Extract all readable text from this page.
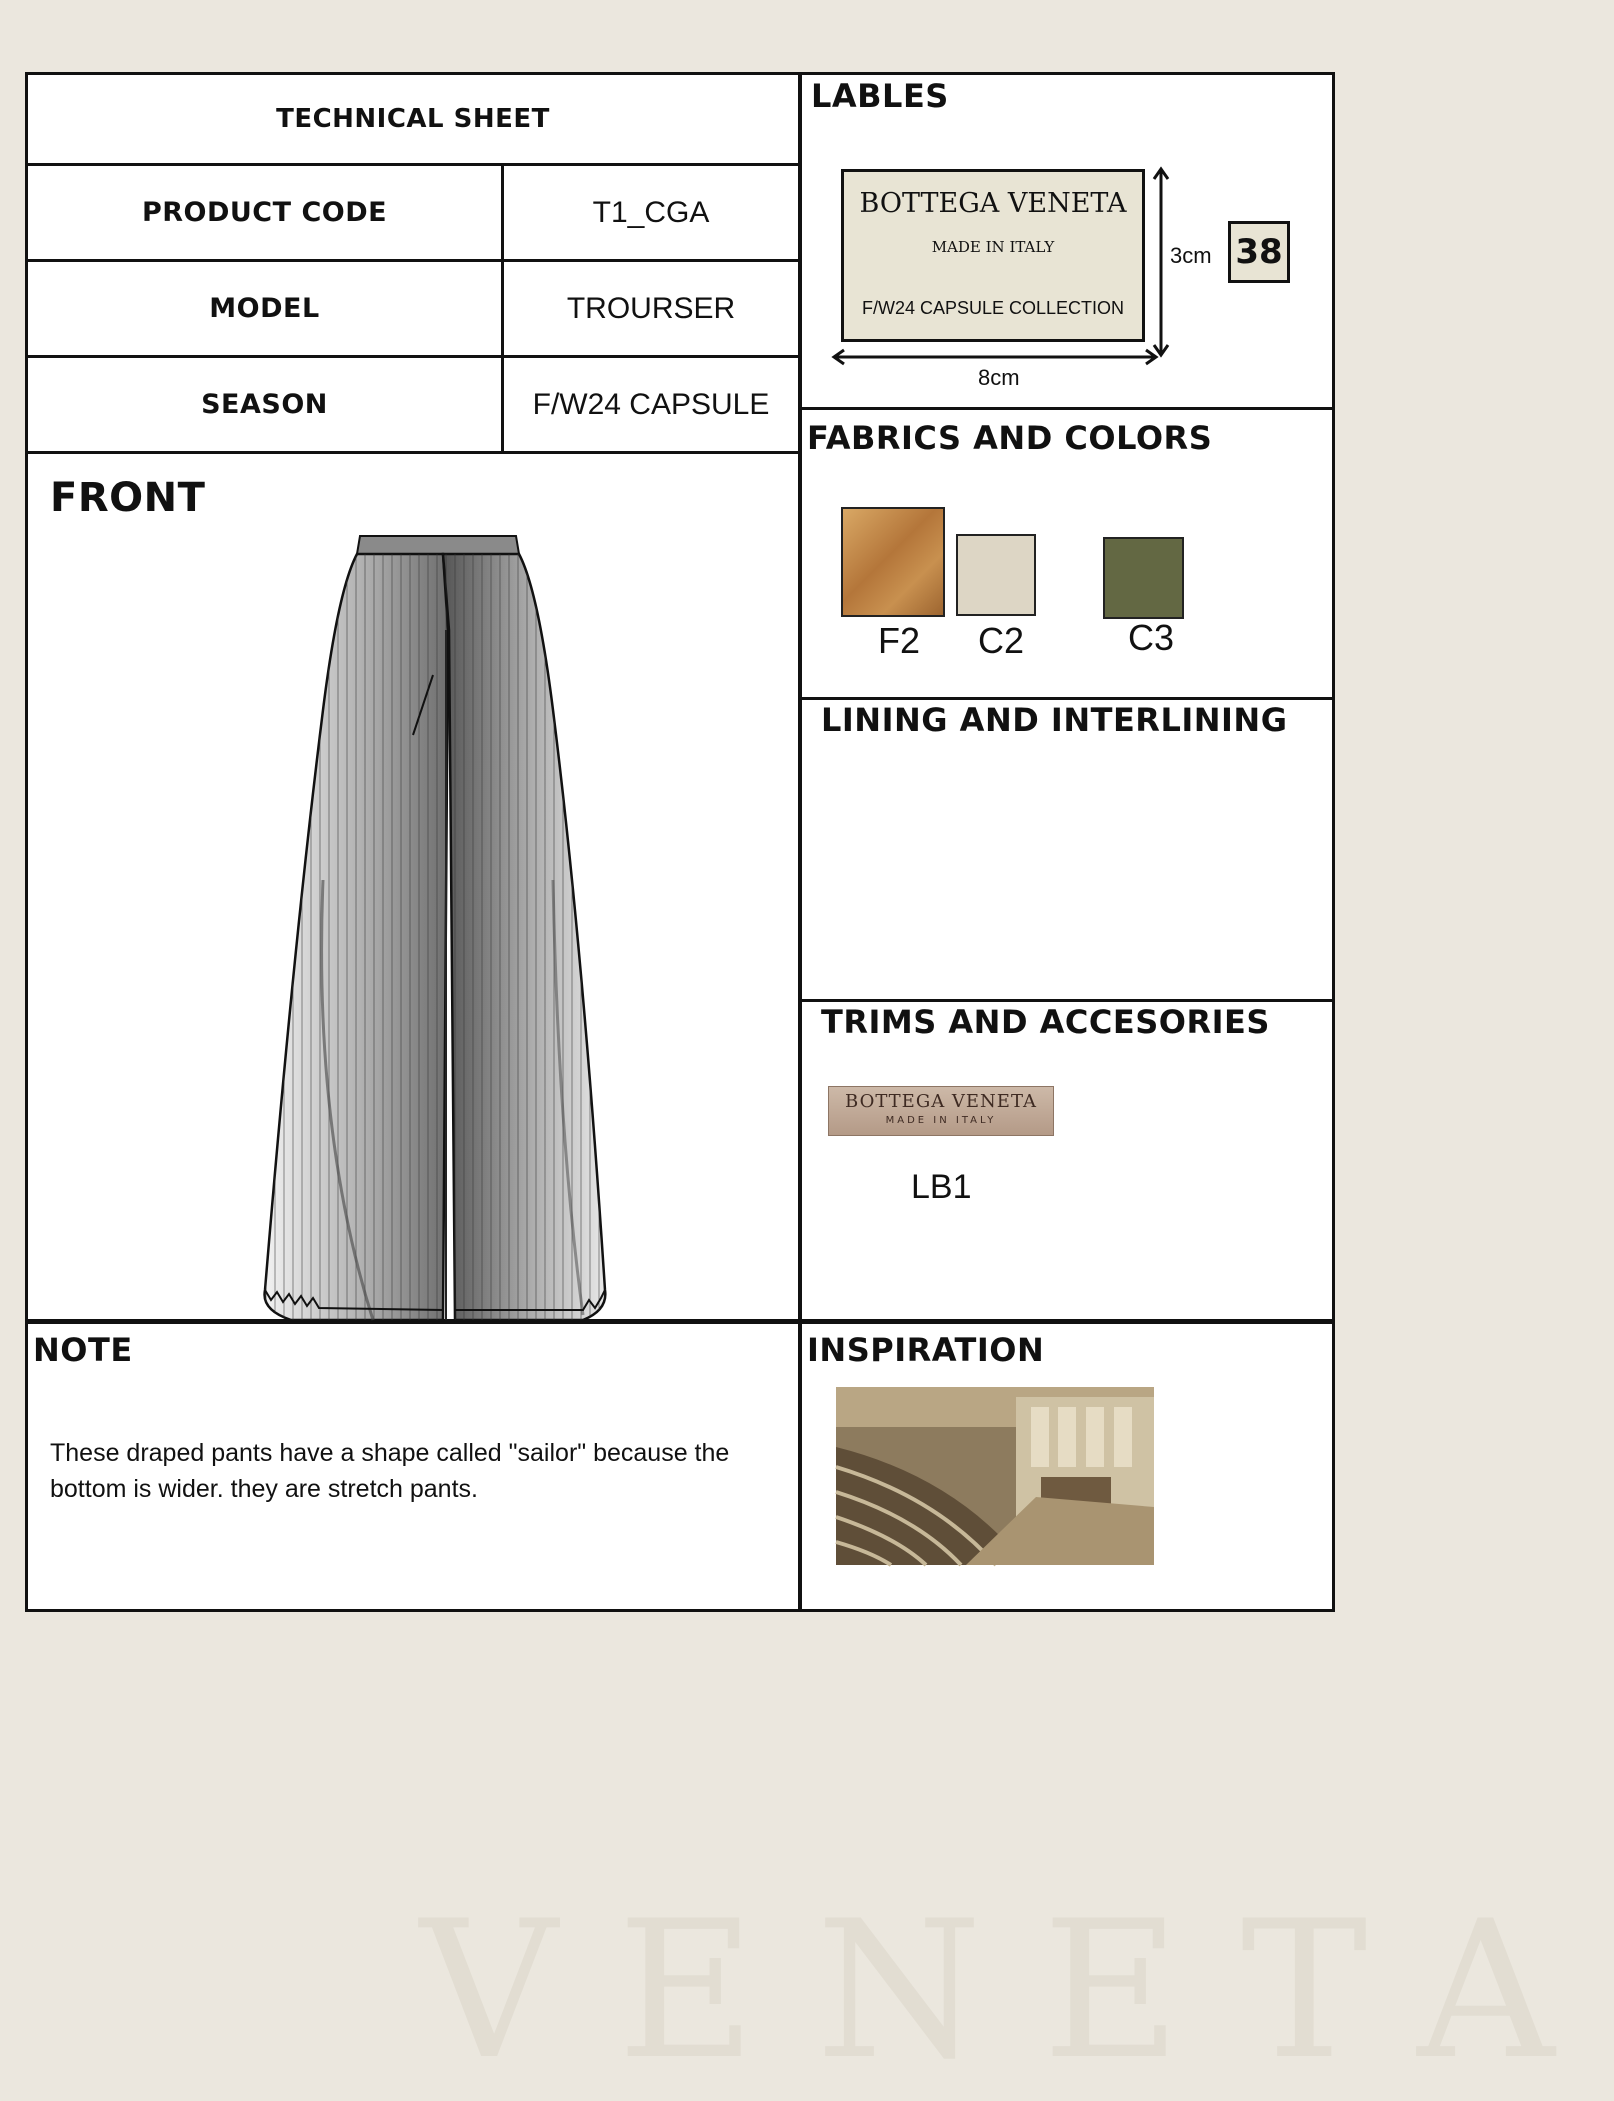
VENETA
TECHNICAL SHEET
PRODUCT CODE	T1_CGA
MODEL	TROURSER
SEASON	F/W24 CAPSULE
FRONT
LABLES
BOTTEGA VENETA
MADE IN ITALY
F/W24 CAPSULE COLLECTION
3cm
8cm
38
FABRICS AND COLORS
F2 C2	C3
LINING AND INTERLINING
TRIMS AND ACCESORIES
BOTTEGA VENETA
MADE IN ITALY
LB1
NOTE
These draped pants have a shape called "sailor" because the bottom is wider. they are stretch pants.
INSPIRATION
